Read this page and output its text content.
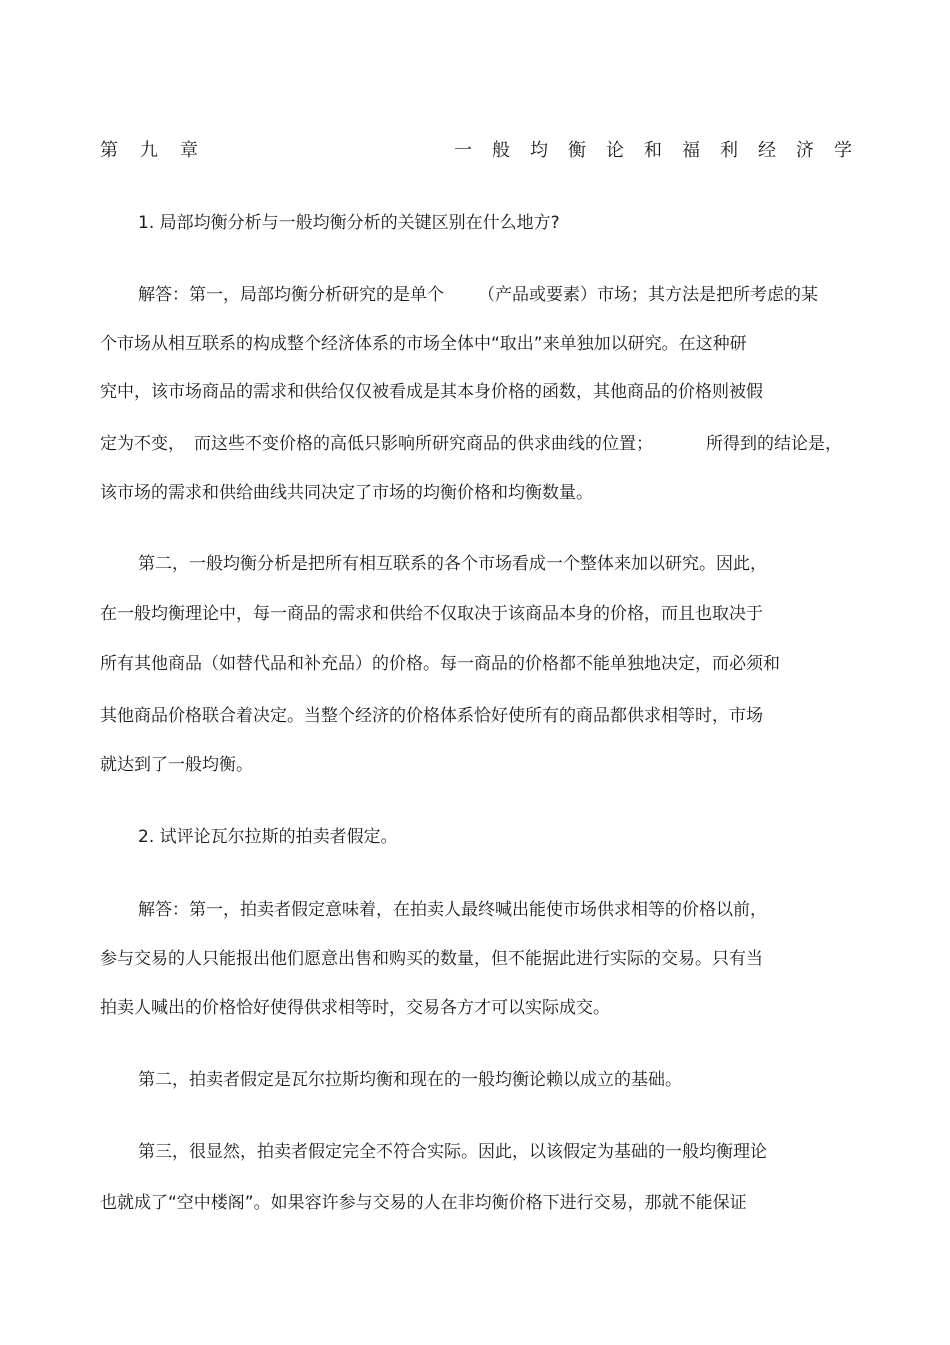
第九章	一般均衡论和福利经济学
1. 局部均衡分析与一般均衡分析的关键区别在什么地方?
解答：第一，局部均衡分析研究的是单个 （产品或要素）市场；其方法是把所考虑的某
个市场从相互联系的构成整个经济体系的市场全体中“取出”来单独加以研究。在这种研
究中，该市场商品的需求和供给仅仅被看成是其本身价格的函数，其他商品的价格则被假
定为不变， 而这些不变价格的高低只影响所研究商品的供求曲线的位置；	所得到的结论是，
该市场的需求和供给曲线共同决定了市场的均衡价格和均衡数量。
第二，一般均衡分析是把所有相互联系的各个市场看成一个整体来加以研究。因此，
在一般均衡理论中，每一商品的需求和供给不仅取决于该商品本身的价格，而且也取决于
所有其他商品（如替代品和补充品）的价格。每一商品的价格都不能单独地决定，而必须和
其他商品价格联合着决定。当整个经济的价格体系恰好使所有的商品都供求相等时，市场
就达到了一般均衡。
2. 试评论瓦尔拉斯的拍卖者假定。
解答：第一，拍卖者假定意味着，在拍卖人最终喊出能使市场供求相等的价格以前，
参与交易的人只能报出他们愿意出售和购买的数量，但不能据此进行实际的交易。只有当
拍卖人喊出的价格恰好使得供求相等时，交易各方才可以实际成交。
第二，拍卖者假定是瓦尔拉斯均衡和现在的一般均衡论赖以成立的基础。
第三，很显然，拍卖者假定完全不符合实际。因此，以该假定为基础的一般均衡理论
也就成了“空中楼阁”。如果容许参与交易的人在非均衡价格下进行交易，那就不能保证
